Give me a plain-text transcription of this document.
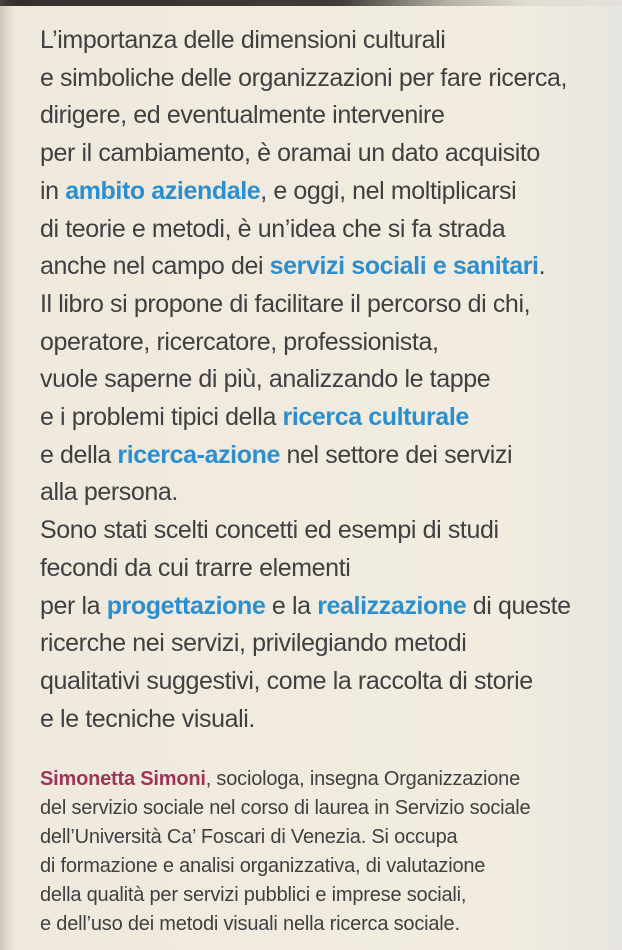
L’importanza delle dimensioni culturali
e simboliche delle organizzazioni per fare ricerca,
dirigere, ed eventualmente intervenire
per il cambiamento, è oramai un dato acquisito
in ambito aziendale, e oggi, nel moltiplicarsi
di teorie e metodi, è un’idea che si fa strada
anche nel campo dei servizi sociali e sanitari.
Il libro si propone di facilitare il percorso di chi,
operatore, ricercatore, professionista,
vuole saperne di più, analizzando le tappe
e i problemi tipici della ricerca culturale
e della ricerca-azione nel settore dei servizi
alla persona.
Sono stati scelti concetti ed esempi di studi
fecondi da cui trarre elementi
per la progettazione e la realizzazione di queste
ricerche nei servizi, privilegiando metodi
qualitativi suggestivi, come la raccolta di storie
e le tecniche visuali.
Simonetta Simoni, sociologa, insegna Organizzazione
del servizio sociale nel corso di laurea in Servizio sociale
dell’Università Ca’ Foscari di Venezia. Si occupa
di formazione e analisi organizzativa, di valutazione
della qualità per servizi pubblici e imprese sociali,
e dell’uso dei metodi visuali nella ricerca sociale.
